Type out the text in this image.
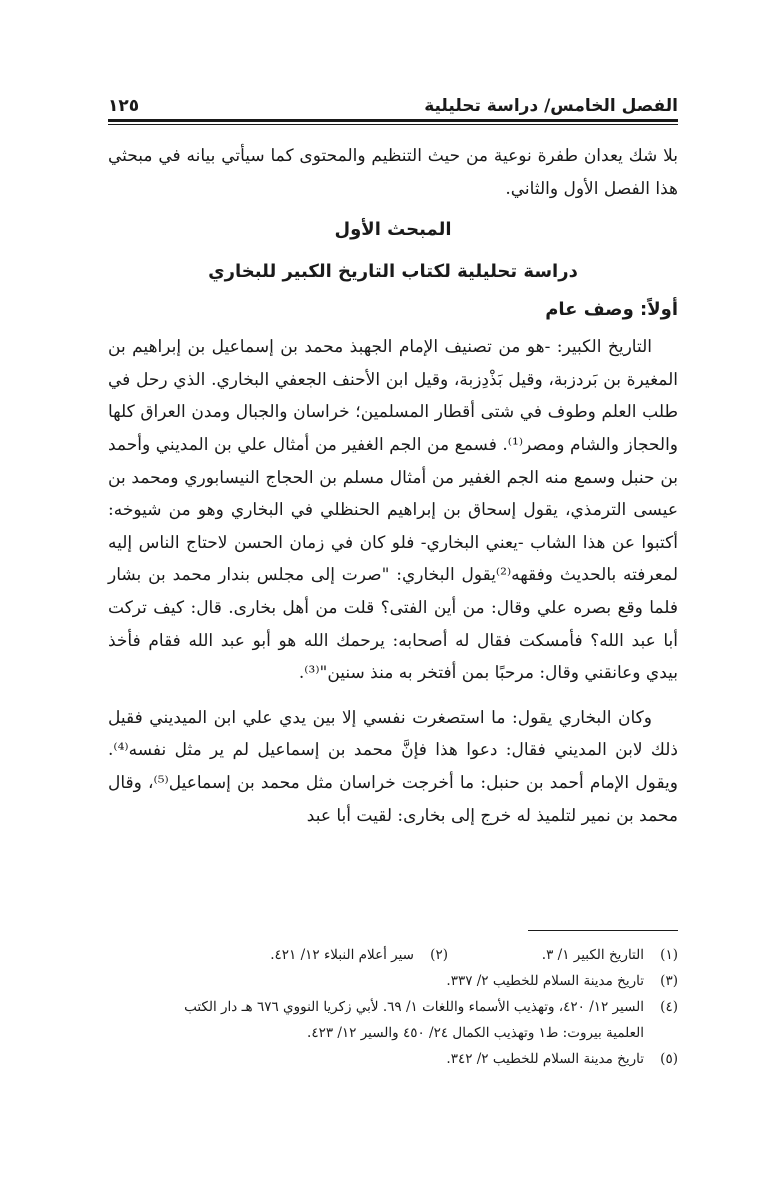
الفصل الخامس/ دراسة تحليلية
١٢٥

بلا شك يعدان طفرة نوعية من حيث التنظيم والمحتوى كما سيأتي بيانه في مبحثي هذا الفصل الأول والثاني.

المبحث الأول
دراسة تحليلية لكتاب التاريخ الكبير للبخاري
أولاً: وصف عام

التاريخ الكبير: -هو من تصنيف الإمام الجهبذ محمد بن إسماعيل بن إبراهيم بن المغيرة بن بَردزبة، وقيل بَذْدِزبة، وقيل ابن الأحنف الجعفي البخاري. الذي رحل في طلب العلم وطوف في شتى أقطار المسلمين؛ خراسان والجبال ومدن العراق كلها والحجاز والشام ومصر⁽¹⁾. فسمع من الجم الغفير من أمثال علي بن المديني وأحمد بن حنبل وسمع منه الجم الغفير من أمثال مسلم بن الحجاج النيسابوري ومحمد بن عيسى الترمذي، يقول إسحاق بن إبراهيم الحنظلي في البخاري وهو من شيوخه: أكتبوا عن هذا الشاب -يعني البخاري- فلو كان في زمان الحسن لاحتاج الناس إليه لمعرفته بالحديث وفقهه⁽²⁾يقول البخاري: "صرت إلى مجلس بندار محمد بن بشار فلما وقع بصره علي وقال: من أين الفتى؟ قلت من أهل بخارى. قال: كيف تركت أبا عبد الله؟ فأمسكت فقال له أصحابه: يرحمك الله هو أبو عبد الله فقام فأخذ بيدي وعانقني وقال: مرحبًا بمن أفتخر به منذ سنين"⁽³⁾.

وكان البخاري يقول: ما استصغرت نفسي إلا بين يدي علي ابن الميديني فقيل ذلك لابن المديني فقال: دعوا هذا فإنَّ محمد بن إسماعيل لم ير مثل نفسه⁽⁴⁾. ويقول الإمام أحمد بن حنبل: ما أخرجت خراسان مثل محمد بن إسماعيل⁽⁵⁾، وقال محمد بن نمير لتلميذ له خرج إلى بخارى: لقيت أبا عبد

(١)
التاريخ الكبير ١/ ٣.
(٢)
سير أعلام النبلاء ١٢/ ٤٢١.
(٣)
تاريخ مدينة السلام للخطيب ٢/ ٣٣٧.
(٤)
السير ١٢/ ٤٢٠، وتهذيب الأسماء واللغات ١/ ٦٩. لأبي زكريا النووي ٦٧٦ هـ دار الكتب
العلمية بيروت: ط١ وتهذيب الكمال ٢٤/ ٤٥٠ والسير ١٢/ ٤٢٣.
(٥)
تاريخ مدينة السلام للخطيب ٢/ ٣٤٢.
